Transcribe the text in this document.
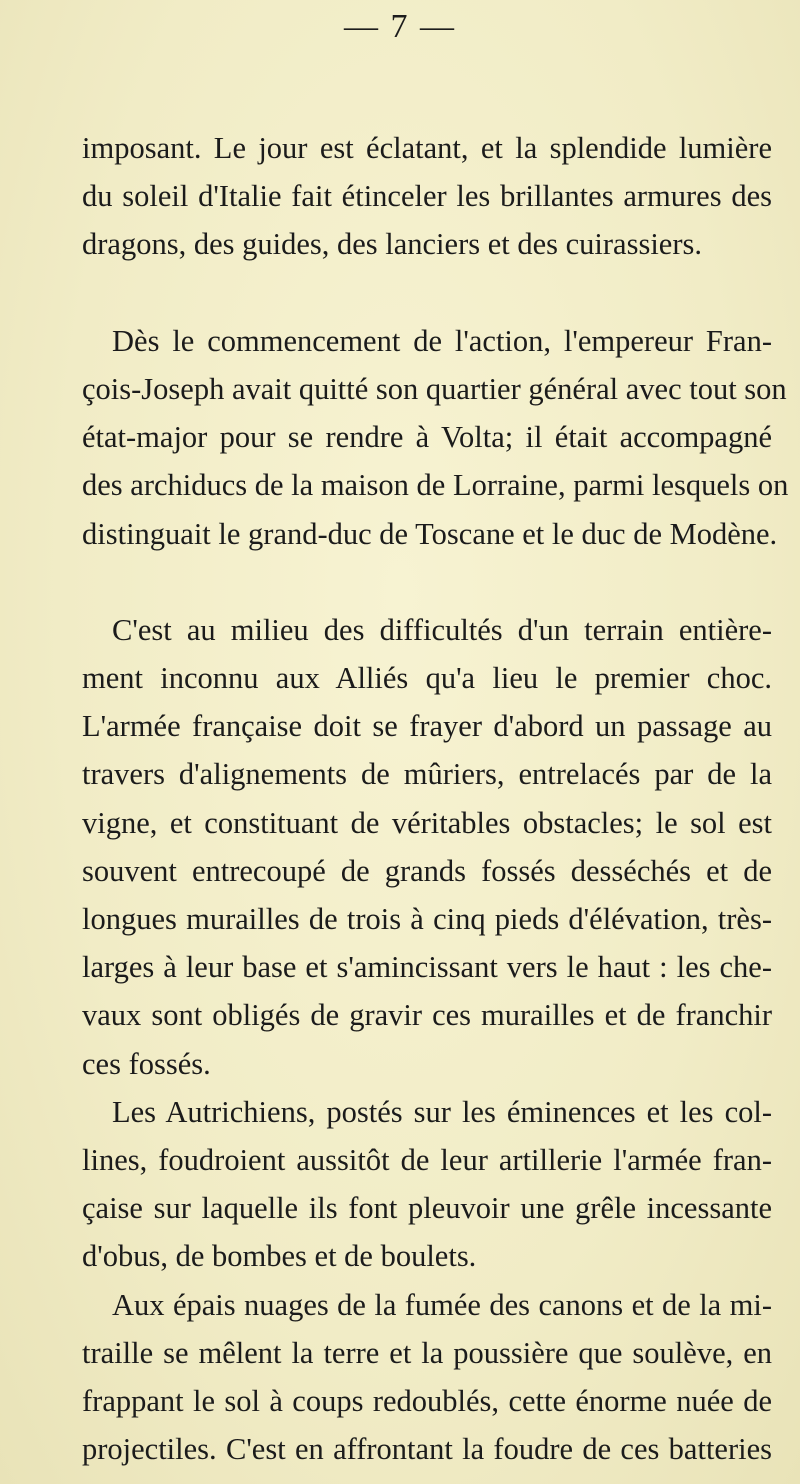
— 7 —
imposant. Le jour est éclatant, et la splendide lumière
du soleil d'Italie fait étinceler les brillantes armures des
dragons, des guides, des lanciers et des cuirassiers.
Dès le commencement de l'action, l'empereur Fran-
çois-Joseph avait quitté son quartier général avec tout son
état-major pour se rendre à Volta; il était accompagné
des archiducs de la maison de Lorraine, parmi lesquels on
distinguait le grand-duc de Toscane et le duc de Modène.
C'est au milieu des difficultés d'un terrain entière-
ment inconnu aux Alliés qu'a lieu le premier choc.
L'armée française doit se frayer d'abord un passage au
travers d'alignements de mûriers, entrelacés par de la
vigne, et constituant de véritables obstacles; le sol est
souvent entrecoupé de grands fossés desséchés et de
longues murailles de trois à cinq pieds d'élévation, très-
larges à leur base et s'amincissant vers le haut : les che-
vaux sont obligés de gravir ces murailles et de franchir
ces fossés.
Les Autrichiens, postés sur les éminences et les col-
lines, foudroient aussitôt de leur artillerie l'armée fran-
çaise sur laquelle ils font pleuvoir une grêle incessante
d'obus, de bombes et de boulets.
Aux épais nuages de la fumée des canons et de la mi-
traille se mêlent la terre et la poussière que soulève, en
frappant le sol à coups redoublés, cette énorme nuée de
projectiles. C'est en affrontant la foudre de ces batteries
